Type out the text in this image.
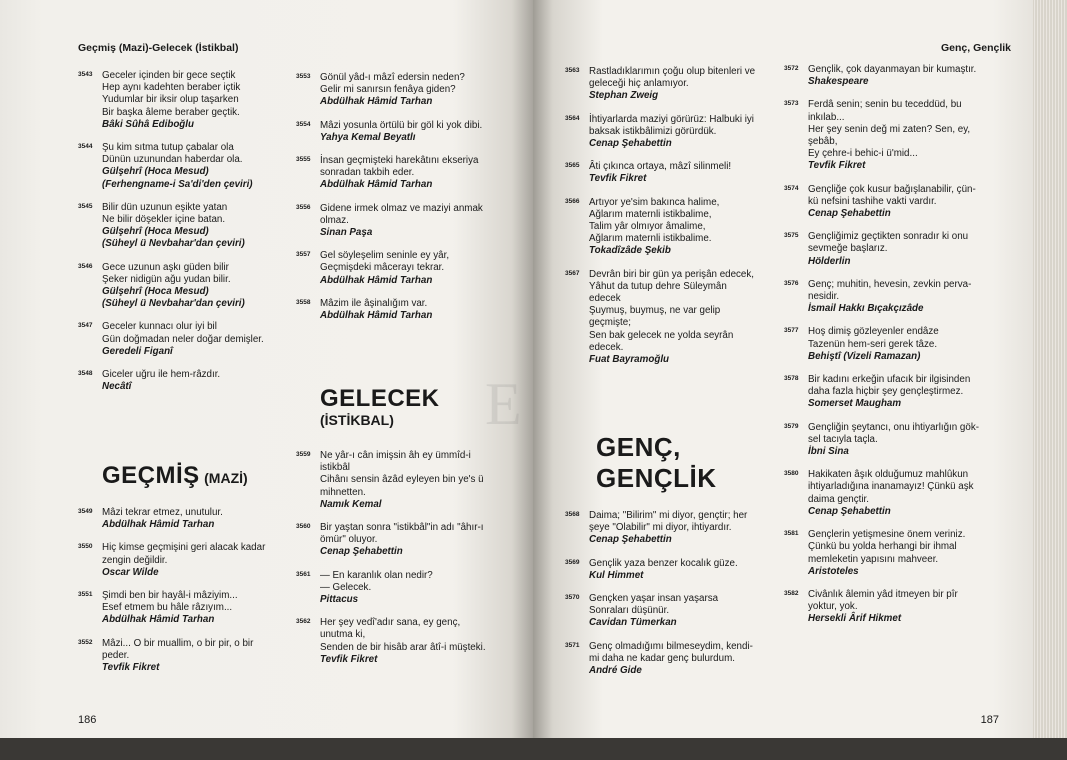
Geçmiş (Mazi)-Gelecek (İstikbal)
3543 Geceler içinden bir gece seçtik
Hep aynı kadehten beraber içtik
Yudumlar bir iksir olup taşarken
Bir başka âleme beraber geçtik.
Bâki Sûhâ Ediboğlu
3544 Şu kim sıtma tutup çabalar ola
Dünün uzunundan haberdar ola.
Gülşehrî (Hoca Mesud)
(Ferhengname-i Sa'di'den çeviri)
3545 Bilir dün uzunun eşikte yatan
Ne bilir döşekler içine batan.
Gülşehrî (Hoca Mesud)
(Süheyl ü Nevbahar'dan çeviri)
3546 Gece uzunun aşkı güden bilir
Şeker nidigün ağu yudan bilir.
Gülşehrî (Hoca Mesud)
(Süheyl ü Nevbahar'dan çeviri)
3547 Geceler kunnacı olur iyi bil
Gün doğmadan neler doğar demişler.
Geredeli Figanî
3548 Giceler uğru ile hem-râzdır.
Necâtî
GEÇMİŞ (MAZİ)
3549 Mâzi tekrar etmez, unutulur.
Abdülhak Hâmid Tarhan
3550 Hiç kimse geçmişini geri alacak kadar
zengin değildir.
Oscar Wilde
3551 Şimdi ben bir hayâl-i mâziyim...
Esef etmem bu hâle râzıyım...
Abdülhak Hâmid Tarhan
3552 Mâzi... O bir muallim, o bir pir, o bir
peder.
Tevfik Fikret
3553 Gönül yâd-ı mâzî edersin neden?
Gelir mi sanırsın fenâya giden?
Abdülhak Hâmid Tarhan
3554 Mâzi yosunla örtülü bir göl ki yok dibi.
Yahya Kemal Beyatlı
3555 İnsan geçmişteki harekâtını ekseriya
sonradan takbih eder.
Abdülhak Hâmid Tarhan
3556 Gidene irmek olmaz ve maziyi anmak
olmaz.
Sinan Paşa
3557 Gel söyleşelim seninle ey yâr,
Geçmişdeki mâcerayı tekrar.
Abdülhak Hâmid Tarhan
3558 Mâzim ile âşinalığım var.
Abdülhak Hâmid Tarhan
GELECEK
(İSTİKBAL)
3559 Ne yâr-ı cân imişsin âh ey ümmîd-i
istikbâl
Cihânı sensin âzâd eyleyen bin ye's ü
mihnetten.
Namık Kemal
3560 Bir yaştan sonra "istikbâl"in adı "âhır-ı
ömür" oluyor.
Cenap Şehabettin
3561 — En karanlık olan nedir?
— Gelecek.
Pittacus
3562 Her şey vedî'adır sana, ey genç,
unutma ki,
Senden de bir hisâb arar âtî-i müşteki.
Tevfik Fikret
186
Genç, Gençlik
3563 Rastladıklarımın çoğu olup bitenleri ve
geleceği hiç anlamıyor.
Stephan Zweig
3564 İhtiyarlarda maziyi görürüz: Halbuki iyi
baksak istikbâlimizi görürdük.
Cenap Şehabettin
3565 Âti çıkınca ortaya, mâzî silinmeli!
Tevfik Fikret
3566 Artıyor ye'sim bakınca halime,
Ağlarım maternli istikbalime,
Talim yâr olmıyor âmalime,
Ağlarım maternli istikbalime.
Tokadîzâde Şekib
3567 Devrân biri bir gün ya perişân edecek,
Yâhut da tutup dehre Süleymân
edecek
Şuymuş, buymuş, ne var gelip
geçmişte;
Sen bak gelecek ne yolda seyrân
edecek.
Fuat Bayramoğlu
GENÇ,
GENÇLİK
3568 Daima; "Bilirim" mi diyor, gençtir; her
şeye "Olabilir" mi diyor, ihtiyardır.
Cenap Şehabettin
3569 Gençlik yaza benzer kocalık güze.
Kul Himmet
3570 Gençken yaşar insan yaşarsa
Sonraları düşünür.
Cavidan Tümerkan
3571 Genç olmadığımı bilmeseydim, kendi-
mi daha ne kadar genç bulurdum.
André Gide
3572 Gençlik, çok dayanmayan bir kumaştır.
Shakespeare
3573 Ferdâ senin; senin bu teceddüd, bu
inkılab...
Her şey senin değ mi zaten? Sen, ey,
şebâb,
Ey çehre-i behic-i ü'mid...
Tevfik Fikret
3574 Gençliğe çok kusur bağışlanabilir, çün-
kü nefsini tashihe vakti vardır.
Cenap Şehabettin
3575 Gençliğimiz geçtikten sonradır ki onu
sevmeğe başlarız.
Hölderlin
3576 Genç; muhitin, hevesin, zevkin perva-
nesidir.
İsmail Hakkı Bıçakçızâde
3577 Hoş dimiş gözleyenler endâze
Tazenün hem-seri gerek tâze.
Behiştî (Vizeli Ramazan)
3578 Bir kadını erkeğin ufacık bir ilgisinden
daha fazla hiçbir şey gençleştirmez.
Somerset Maugham
3579 Gençliğin şeytancı, onu ihtiyarlığın gök-
sel tacıyla taçla.
İbni Sina
3580 Hakikaten âşık olduğumuz mahlûkun
ihtiyarladığına inanamayız! Çünkü aşk
daima gençtir.
Cenap Şehabettin
3581 Gençlerin yetişmesine önem veriniz.
Çünkü bu yolda herhangi bir ihmal
memleketin yapısını mahveer.
Aristoteles
3582 Civânlık âlemin yâd itmeyen bir pîr
yoktur, yok.
Hersekli Ârif Hikmet
187
E
